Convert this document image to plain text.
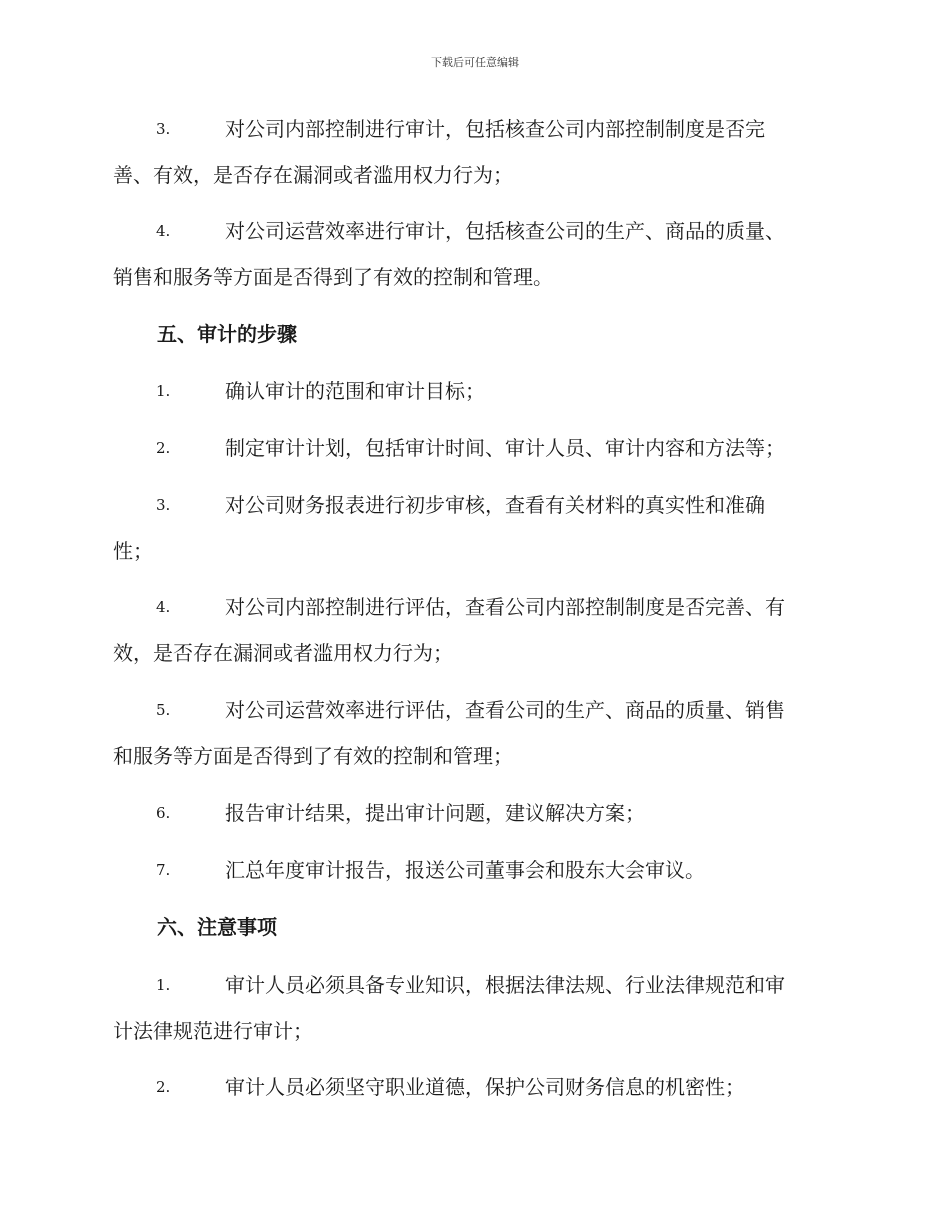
下载后可任意编辑
3.	对公司内部控制进行审计，包括核查公司内部控制制度是否完
善、有效，是否存在漏洞或者滥用权力行为；
4.	对公司运营效率进行审计，包括核查公司的生产、商品的质量、
销售和服务等方面是否得到了有效的控制和管理。
五、审计的步骤
1.	确认审计的范围和审计目标；
2.	制定审计计划，包括审计时间、审计人员、审计内容和方法等；
3.	对公司财务报表进行初步审核，查看有关材料的真实性和准确
性；
4.	对公司内部控制进行评估，查看公司内部控制制度是否完善、有
效，是否存在漏洞或者滥用权力行为；
5.	对公司运营效率进行评估，查看公司的生产、商品的质量、销售
和服务等方面是否得到了有效的控制和管理；
6.	报告审计结果，提出审计问题，建议解决方案；
7.	汇总年度审计报告，报送公司董事会和股东大会审议。
六、注意事项
1.	审计人员必须具备专业知识，根据法律法规、行业法律规范和审
计法律规范进行审计；
2.	审计人员必须坚守职业道德，保护公司财务信息的机密性；
